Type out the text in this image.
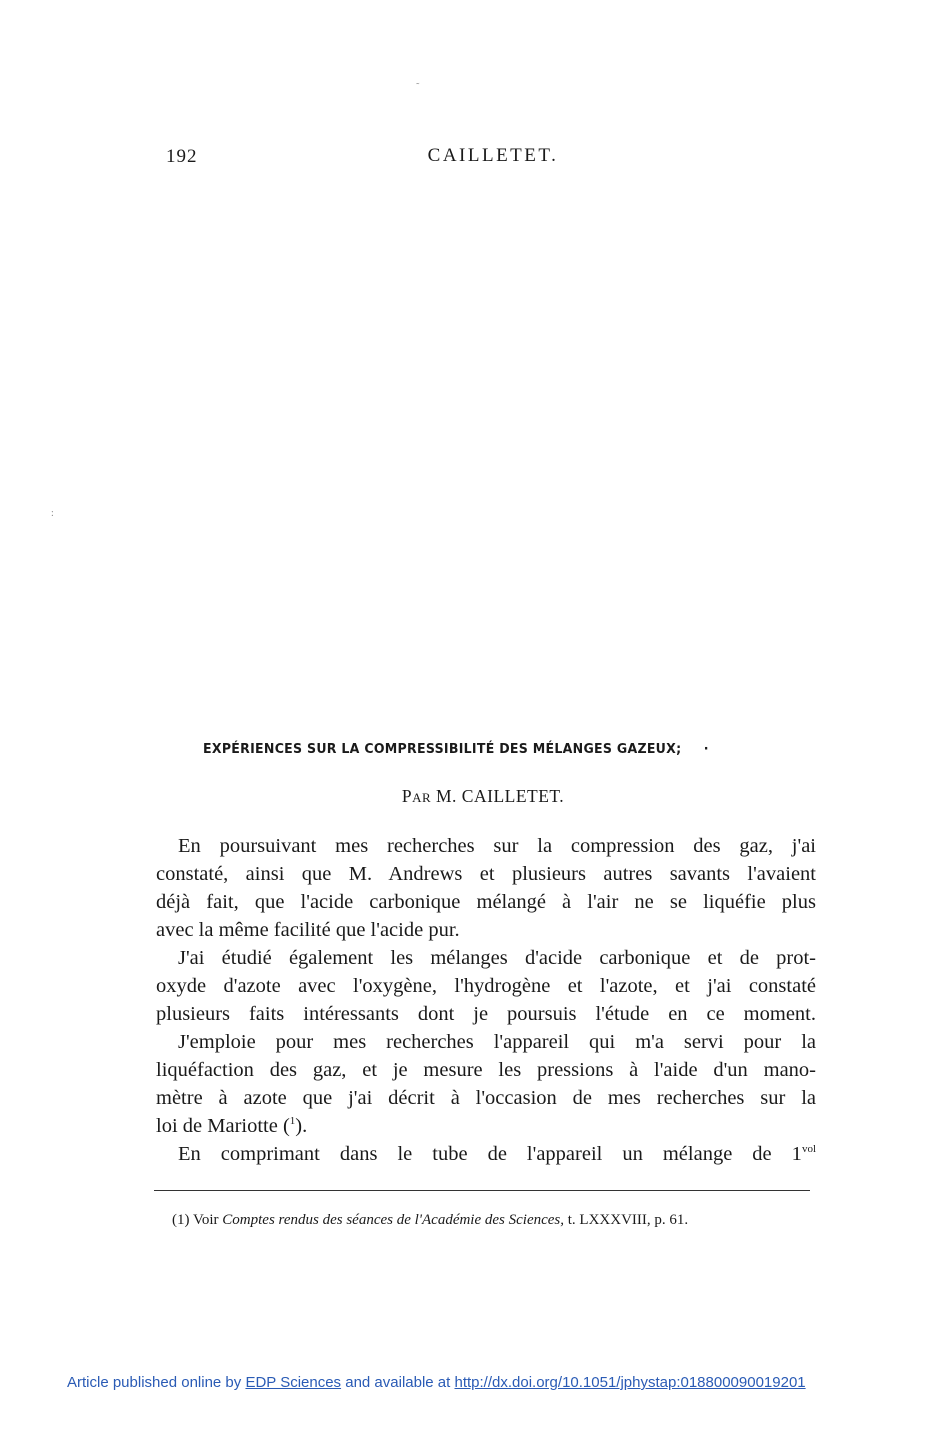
˷
:
192	CAILLETET.
EXPÉRIENCES SUR LA COMPRESSIBILITÉ DES MÉLANGES GAZEUX; ·
PAR M. CAILLETET.
En poursuivant mes recherches sur la compression des gaz, j'ai
constaté, ainsi que M. Andrews et plusieurs autres savants l'avaient
déjà fait, que l'acide carbonique mélangé à l'air ne se liquéfie plus
avec la même facilité que l'acide pur.
J'ai étudié également les mélanges d'acide carbonique et de prot-
oxyde d'azote avec l'oxygène, l'hydrogène et l'azote, et j'ai constaté
plusieurs faits intéressants dont je poursuis l'étude en ce moment.
J'emploie pour mes recherches l'appareil qui m'a servi pour la
liquéfaction des gaz, et je mesure les pressions à l'aide d'un mano-
mètre à azote que j'ai décrit à l'occasion de mes recherches sur la
loi de Mariotte ($^1$).
En comprimant dans le tube de l'appareil un mélange de $1^{vol}$
(1) Voir Comptes rendus des séances de l'Académie des Sciences, t. LXXXVIII, p. 61.
Article published online by EDP Sciences and available at http://dx.doi.org/10.1051/jphystap:018800090019201
